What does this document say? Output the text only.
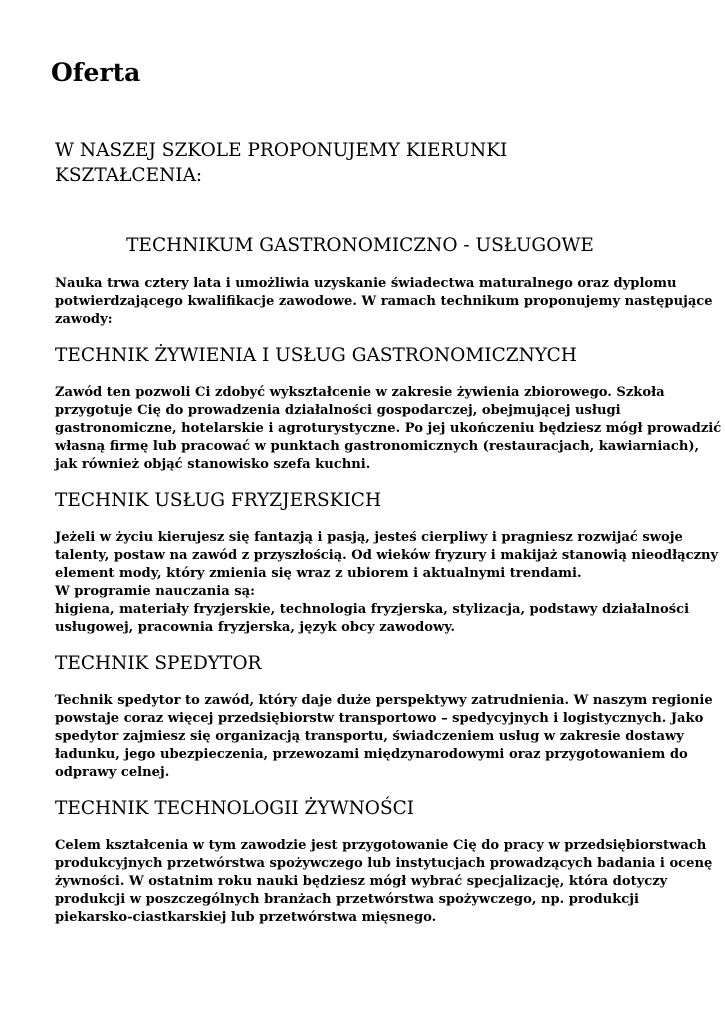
Oferta
W NASZEJ SZKOLE PROPONUJEMY KIERUNKI
KSZTAŁCENIA:
TECHNIKUM GASTRONOMICZNO - USŁUGOWE

Nauka trwa cztery lata i umożliwia uzyskanie świadectwa maturalnego oraz dyplomu
potwierdzającego kwalifikacje zawodowe. W ramach technikum proponujemy następujące
zawody:

TECHNIK ŻYWIENIA I USŁUG GASTRONOMICZNYCH

Zawód ten pozwoli Ci zdobyć wykształcenie w zakresie żywienia zbiorowego. Szkoła
przygotuje Cię do prowadzenia działalności gospodarczej, obejmującej usługi
gastronomiczne, hotelarskie i agroturystyczne. Po jej ukończeniu będziesz mógł prowadzić
własną firmę lub pracować w punktach gastronomicznych (restauracjach, kawiarniach),
jak również objąć stanowisko szefa kuchni.

TECHNIK USŁUG FRYZJERSKICH

Jeżeli w życiu kierujesz się fantazją i pasją, jesteś cierpliwy i pragniesz rozwijać swoje
talenty, postaw na zawód z przyszłością. Od wieków fryzury i makijaż stanowią nieodłączny
element mody, który zmienia się wraz z ubiorem i aktualnymi trendami.
W programie nauczania są:
higiena, materiały fryzjerskie, technologia fryzjerska, stylizacja, podstawy działalności
usługowej, pracownia fryzjerska, język obcy zawodowy.

TECHNIK SPEDYTOR

Technik spedytor to zawód, który daje duże perspektywy zatrudnienia. W naszym regionie
powstaje coraz więcej przedsiębiorstw transportowo – spedycyjnych i logistycznych. Jako
spedytor zajmiesz się organizacją transportu, świadczeniem usług w zakresie dostawy
ładunku, jego ubezpieczenia, przewozami międzynarodowymi oraz przygotowaniem do
odprawy celnej.

TECHNIK TECHNOLOGII ŻYWNOŚCI

Celem kształcenia w tym zawodzie jest przygotowanie Cię do pracy w przedsiębiorstwach
produkcyjnych przetwórstwa spożywczego lub instytucjach prowadzących badania i ocenę
żywności. W ostatnim roku nauki będziesz mógł wybrać specjalizację, która dotyczy
produkcji w poszczególnych branżach przetwórstwa spożywczego, np. produkcji
piekarsko-ciastkarskiej lub przetwórstwa mięsnego.
